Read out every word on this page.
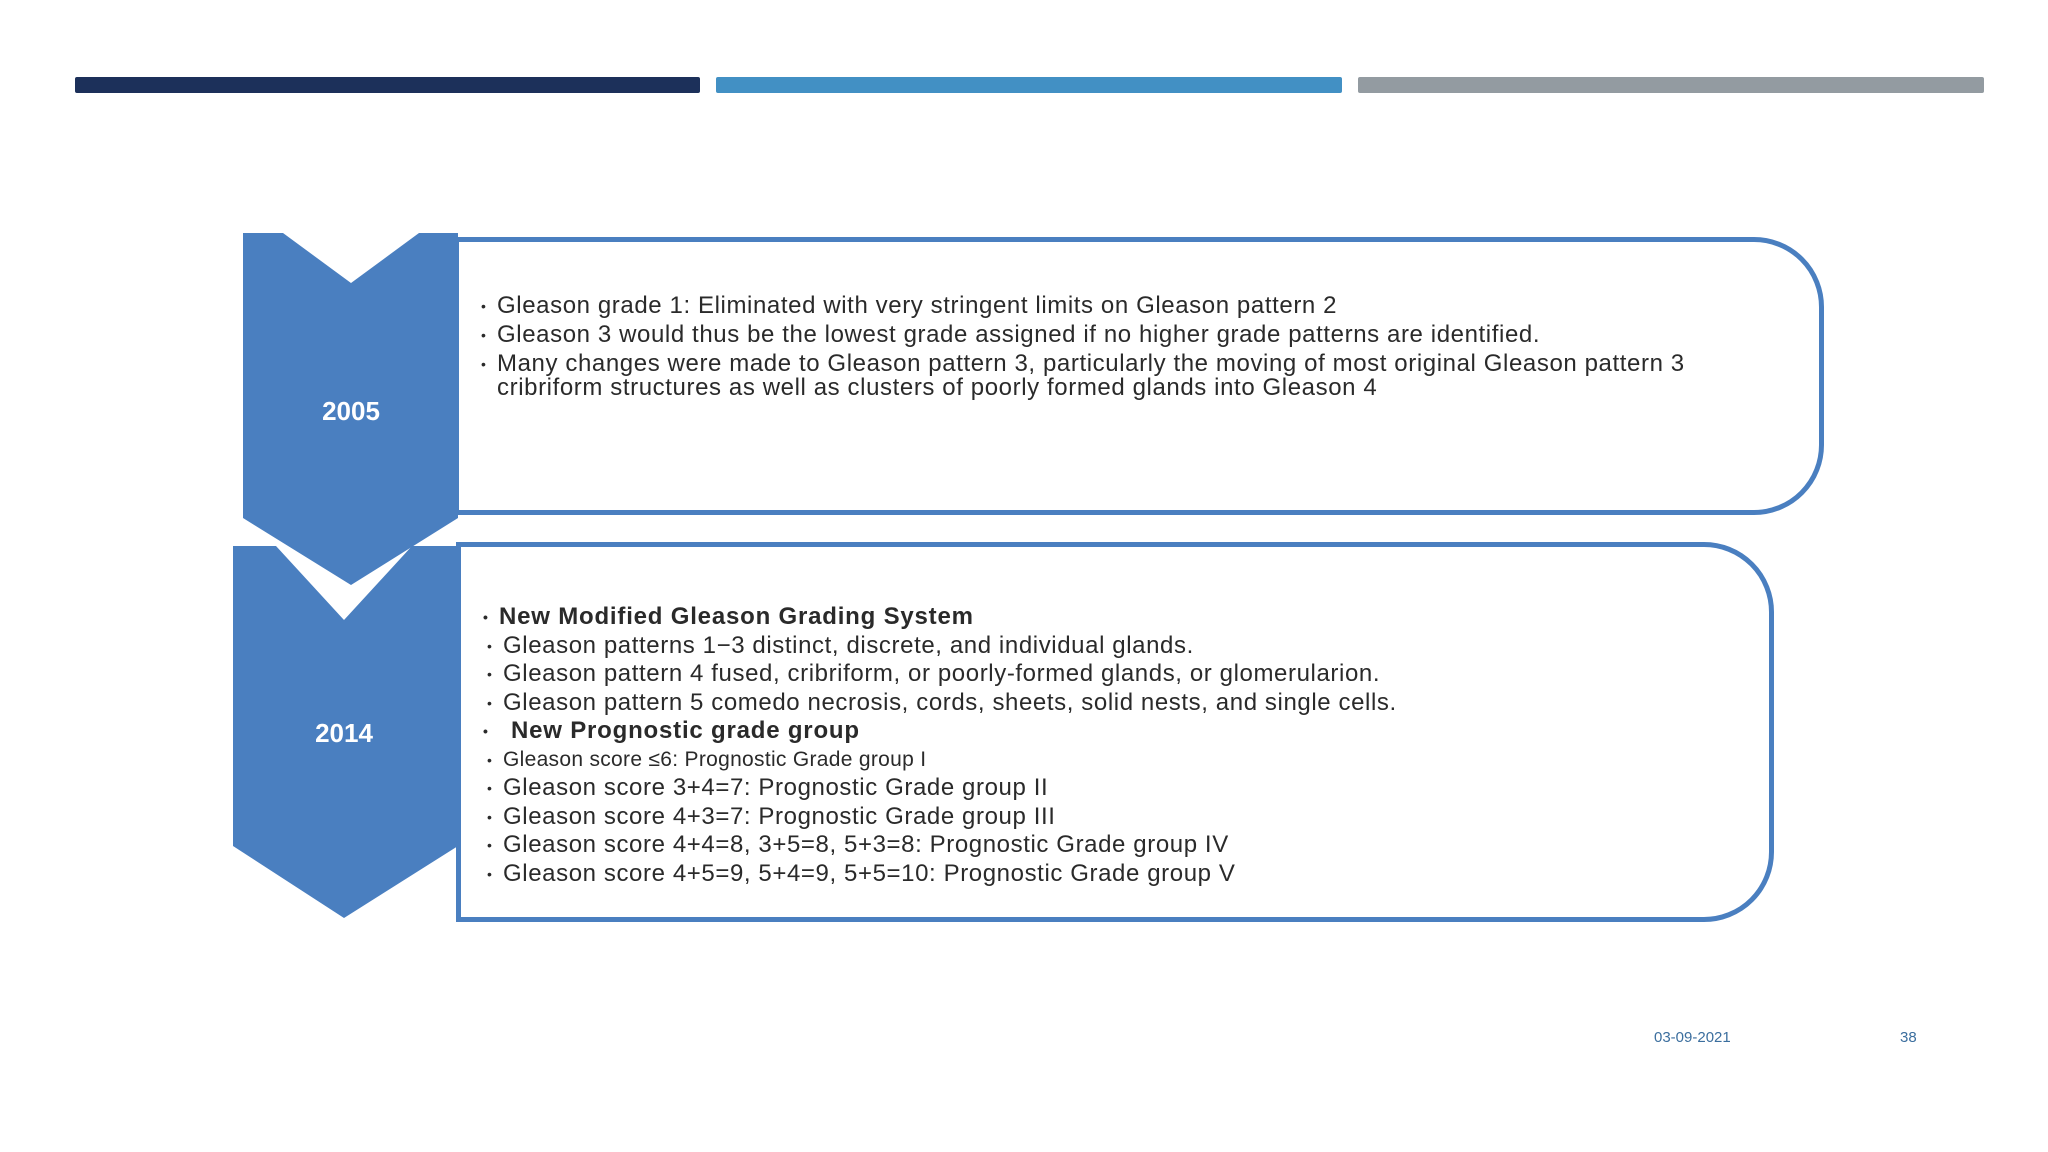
2005
2014
• Gleason grade 1: Eliminated with very stringent limits on Gleason pattern 2
• Gleason 3 would thus be the lowest grade assigned if no higher grade patterns are identified.
• Many changes were made to Gleason pattern 3, particularly the moving of most original Gleason pattern 3 cribriform structures as well as clusters of poorly formed glands into Gleason 4
• New Modified Gleason Grading System
• Gleason patterns 1−3 distinct, discrete, and individual glands.
• Gleason pattern 4 fused, cribriform, or poorly-formed glands, or glomerularion.
• Gleason pattern 5 comedo necrosis, cords, sheets, solid nests, and single cells.
• New Prognostic grade group
• Gleason score ≤6: Prognostic Grade group I
• Gleason score 3+4=7: Prognostic Grade group II
• Gleason score 4+3=7: Prognostic Grade group III
• Gleason score 4+4=8, 3+5=8, 5+3=8: Prognostic Grade group IV
• Gleason score 4+5=9, 5+4=9, 5+5=10: Prognostic Grade group V
03-09-2021	38
